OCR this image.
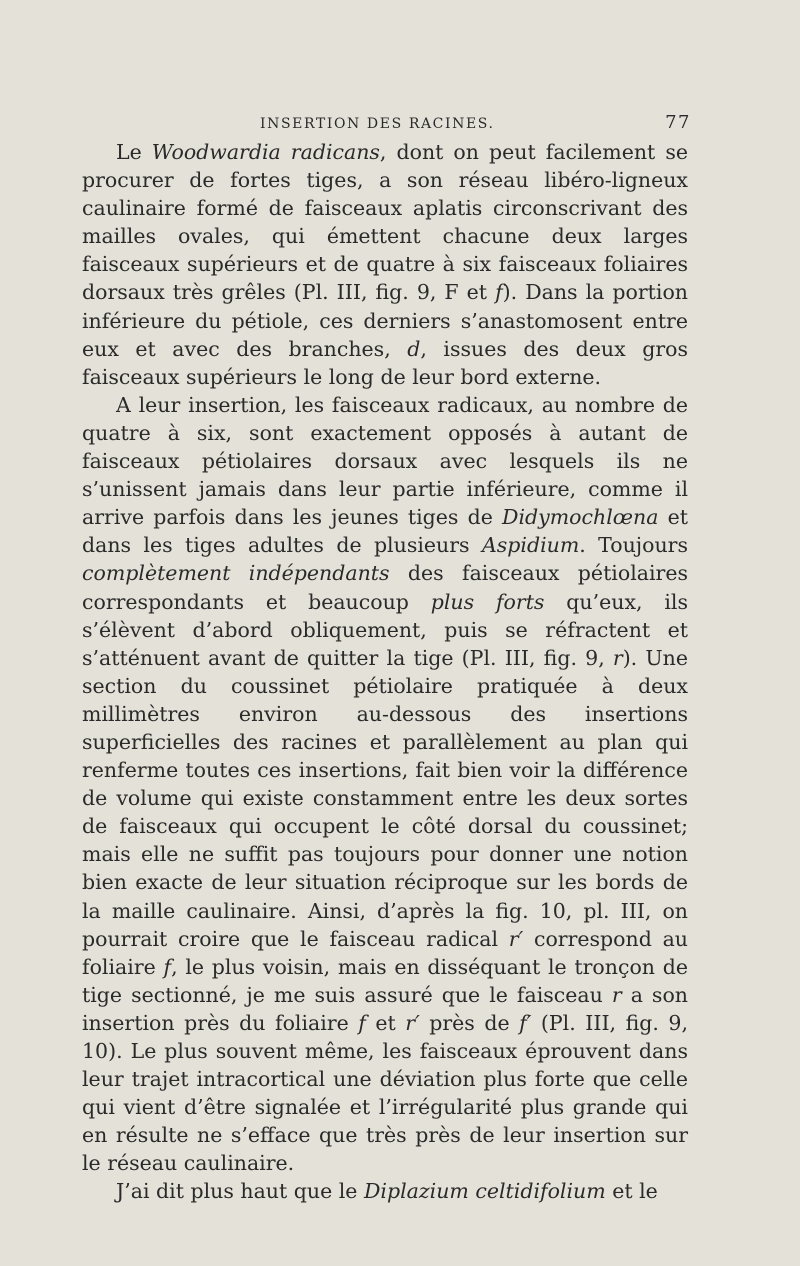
INSERTION DES RACINES.	77

Le Woodwardia radicans, dont on peut facilement se procurer de fortes tiges, a son réseau libéro-ligneux caulinaire formé de faisceaux aplatis circonscrivant des mailles ovales, qui émettent chacune deux larges faisceaux supérieurs et de quatre à six faisceaux foliaires dorsaux très grêles (Pl. III, fig. 9, F et f). Dans la portion inférieure du pétiole, ces derniers s’anastomosent entre eux et avec des branches, d, issues des deux gros faisceaux supérieurs le long de leur bord externe.

A leur insertion, les faisceaux radicaux, au nombre de quatre à six, sont exactement opposés à autant de faisceaux pétiolaires dorsaux avec lesquels ils ne s’unissent jamais dans leur partie inférieure, comme il arrive parfois dans les jeunes tiges de Didymochlœna et dans les tiges adultes de plusieurs Aspidium. Toujours complètement indépendants des faisceaux pétiolaires correspondants et beaucoup plus forts qu’eux, ils s’élèvent d’abord obliquement, puis se réfractent et s’atténuent avant de quitter la tige (Pl. III, fig. 9, r). Une section du coussinet pétiolaire pratiquée à deux millimètres environ au-dessous des insertions superficielles des racines et parallèlement au plan qui renferme toutes ces insertions, fait bien voir la différence de volume qui existe constamment entre les deux sortes de faisceaux qui occupent le côté dorsal du coussinet; mais elle ne suffit pas toujours pour donner une notion bien exacte de leur situation réciproque sur les bords de la maille caulinaire. Ainsi, d’après la fig. 10, pl. III, on pourrait croire que le faisceau radical r′ correspond au foliaire f, le plus voisin, mais en disséquant le tronçon de tige sectionné, je me suis assuré que le faisceau r a son insertion près du foliaire f et r′ près de f′ (Pl. III, fig. 9, 10). Le plus souvent même, les faisceaux éprouvent dans leur trajet intracortical une déviation plus forte que celle qui vient d’être signalée et l’irrégularité plus grande qui en résulte ne s’efface que très près de leur insertion sur le réseau caulinaire.

J’ai dit plus haut que le Diplazium celtidifolium et le
